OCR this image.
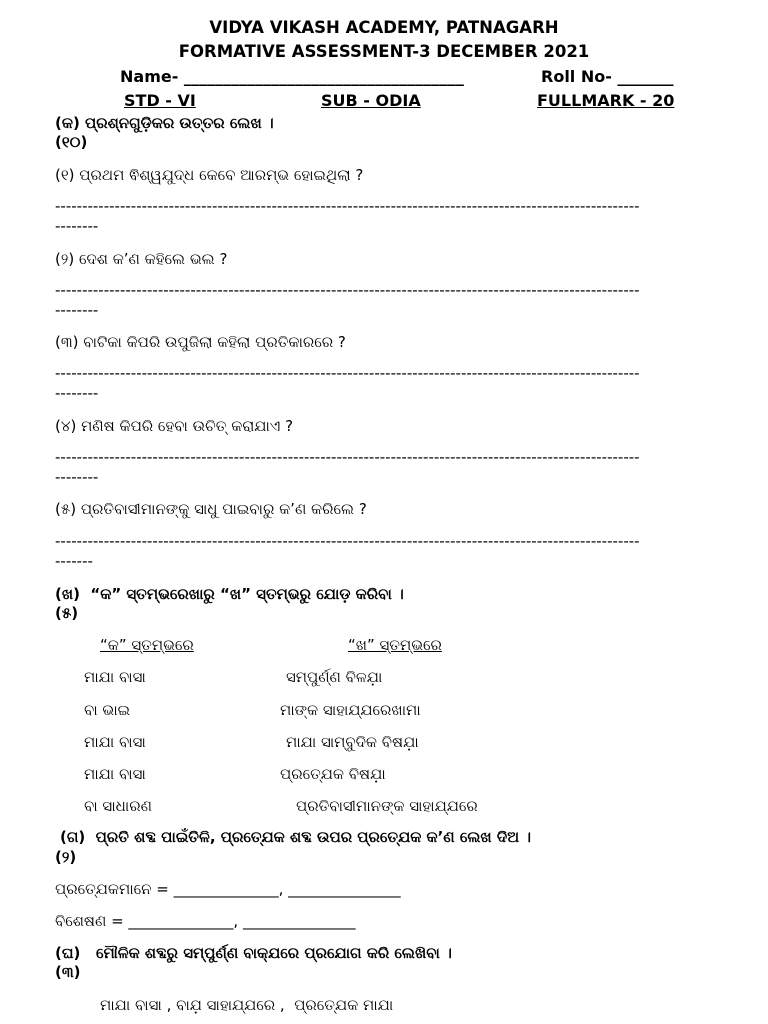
VIDYA VIKASH ACADEMY, PATNAGARH
FORMATIVE ASSESSMENT-3 DECEMBER 2021
Name- ___________________________________	Roll No- _______
STD - VI	SUB - ODIA	FULLMARK - 20
(କ) ପ୍ରଶ୍ନଗୁଡ଼ିକର ଉତ୍ତର ଲେଖ ।
(୧୦)
(୧) ପ୍ରଥମ ଵିଶ୍ୱଯୁଦ୍ଧ କେବେ ଆରମ୍ଭ ହୋଇଥିଲା ?
------------------------------------------------------------------------------------------------------------
--------
(୨) ଦେଶ କ’ଣ କହିଲେ ଭଲ ?
------------------------------------------------------------------------------------------------------------
--------
(୩) ବାଟିକା କିପରି ଉପୁଜିଲା କହିଲା ପ୍ରତିକାରରେ ?
------------------------------------------------------------------------------------------------------------
--------
(୪) ମଣିଷ କିପରି ହେବା ଉଚିତ୍ କରାଯାଏ ?
------------------------------------------------------------------------------------------------------------
--------
(୫) ପ୍ରତିବାସୀମାନଙ୍କୁ ସାଧୁ ପାଇବାରୁ କ’ଣ କରିଲେ ?
------------------------------------------------------------------------------------------------------------
-------
(ଖ)  “କ” ସ୍ତମ୍ଭରେଖାରୁ “ଖ” ସ୍ତମ୍ଭରୁ ଯୋଡ଼ କରିବା ।
(୫)
“କ” ସ୍ତମ୍ଭରେ	“ଖ” ସ୍ତମ୍ଭରେ
ମାଯା ବାସା	ସମ୍ପୁର୍ଣ୍ଣ ବିଳଯ଼ା
ବା ଭାଇ	ମାଙ୍କ ସାହାଯ୍ଯରେଖାମା
ମାଯା ବାସା	ମାଯା ସାମ୍ବୁଦିକ ବିଷଯ଼ା
ମାଯା ବାସା	ପ୍ରତ୍ଯେକ ବିଷଯ଼ା
ବା ସାଧାରଣ	ପ୍ରତିବାସୀମାନଙ୍କ ସାହାଯ୍ଯରେ
(ଗ)  ପ୍ରତି ଶବ୍ଦ ପାଇଁତିଳି, ପ୍ରତ୍ଯେକ ଶବ୍ଦ ଉପର ପ୍ରତ୍ଯେକ କ’ଣ ଲେଖ ଦିଅ ।
(୨)
ପ୍ରତ୍ଯେକମାନେ = ______________, _______________
ବିଶେଷଣ = ______________, _______________
(ଘ)   ମୌଳିକ ଶବ୍ଦରୁ ସମ୍ପୁର୍ଣ୍ଣ ବାକ୍ଯରେ ପ୍ରଯୋଗ କରି ଲେଖିବା ।
(୩)
ମାଯା ବାସା , ବାଯ଼ ସାହାଯ୍ଯରେ ,  ପ୍ରତ୍ଯେକ ମାଯା
